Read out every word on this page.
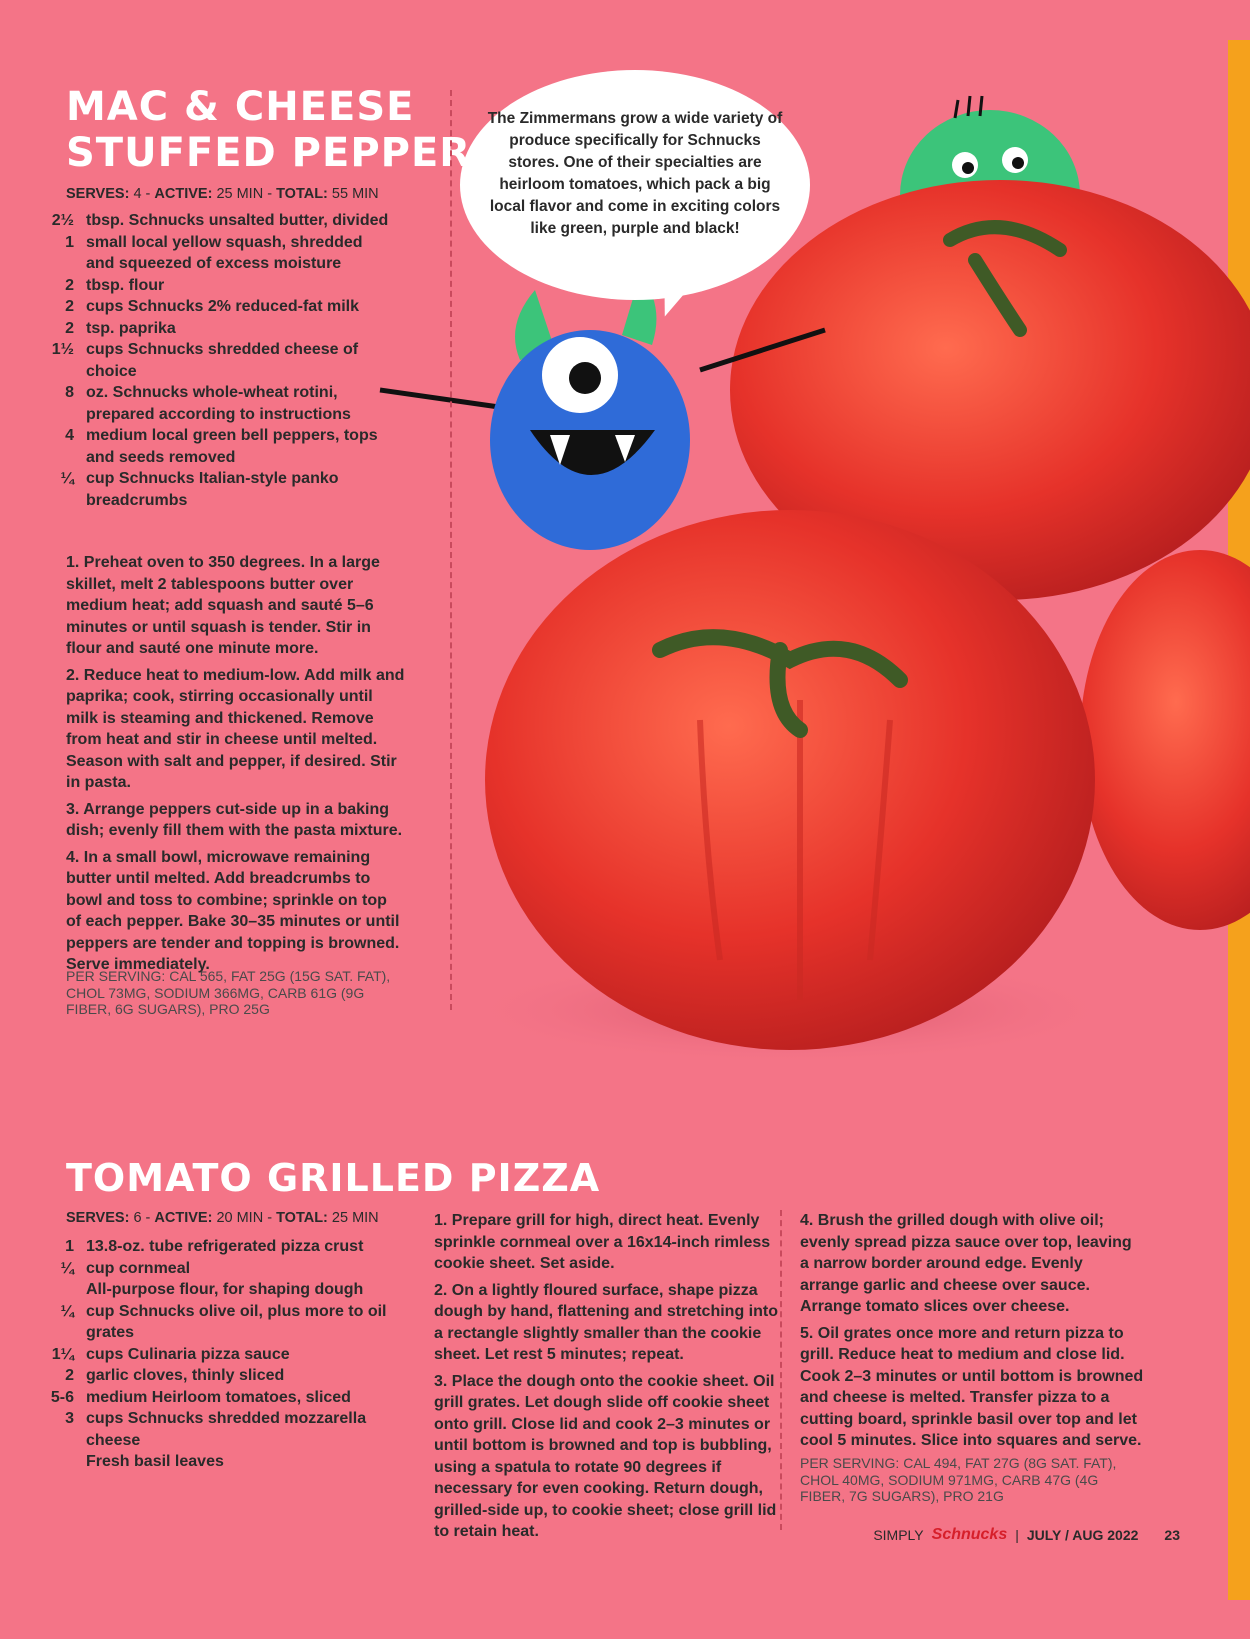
The Zimmermans grow a wide variety of produce specifically for Schnucks stores. One of their specialties are heirloom tomatoes, which pack a big local flavor and come in exciting colors like green, purple and black!
MAC & CHEESE
STUFFED PEPPERS
SERVES: 4 - ACTIVE: 25 MIN - TOTAL: 55 MIN
2½ tbsp. Schnucks unsalted butter, divided
1 small local yellow squash, shredded and squeezed of excess moisture
2 tbsp. flour
2 cups Schnucks 2% reduced-fat milk
2 tsp. paprika
1½ cups Schnucks shredded cheese of choice
8 oz. Schnucks whole-wheat rotini, prepared according to instructions
4 medium local green bell peppers, tops and seeds removed
¼ cup Schnucks Italian-style panko breadcrumbs

1. Preheat oven to 350 degrees. In a large skillet, melt 2 tablespoons butter over medium heat; add squash and sauté 5–6 minutes or until squash is tender. Stir in flour and sauté one minute more.

2. Reduce heat to medium-low. Add milk and paprika; cook, stirring occasionally until milk is steaming and thickened. Remove from heat and stir in cheese until melted. Season with salt and pepper, if desired. Stir in pasta.

3. Arrange peppers cut-side up in a baking dish; evenly fill them with the pasta mixture.

4. In a small bowl, microwave remaining butter until melted. Add breadcrumbs to bowl and toss to combine; sprinkle on top of each pepper. Bake 30–35 minutes or until peppers are tender and topping is browned. Serve immediately.

PER SERVING: CAL 565, FAT 25G (15G SAT. FAT), CHOL 73MG, SODIUM 366MG, CARB 61G (9G FIBER, 6G SUGARS), PRO 25G
TOMATO GRILLED PIZZA
SERVES: 6 - ACTIVE: 20 MIN - TOTAL: 25 MIN
1 13.8-oz. tube refrigerated pizza crust
¼ cup cornmeal
All-purpose flour, for shaping dough
¼ cup Schnucks olive oil, plus more to oil grates
1¼ cups Culinaria pizza sauce
2 garlic cloves, thinly sliced
5-6 medium Heirloom tomatoes, sliced
3 cups Schnucks shredded mozzarella cheese
Fresh basil leaves

1. Prepare grill for high, direct heat. Evenly sprinkle cornmeal over a 16x14-inch rimless cookie sheet. Set aside.

2. On a lightly floured surface, shape pizza dough by hand, flattening and stretching into a rectangle slightly smaller than the cookie sheet. Let rest 5 minutes; repeat.

3. Place the dough onto the cookie sheet. Oil grill grates. Let dough slide off cookie sheet onto grill. Close lid and cook 2–3 minutes or until bottom is browned and top is bubbling, using a spatula to rotate 90 degrees if necessary for even cooking. Return dough, grilled-side up, to cookie sheet; close grill lid to retain heat.

4. Brush the grilled dough with olive oil; evenly spread pizza sauce over top, leaving a narrow border around edge. Evenly arrange garlic and cheese over sauce. Arrange tomato slices over cheese.

5. Oil grates once more and return pizza to grill. Reduce heat to medium and close lid. Cook 2–3 minutes or until bottom is browned and cheese is melted. Transfer pizza to a cutting board, sprinkle basil over top and let cool 5 minutes. Slice into squares and serve.

PER SERVING: CAL 494, FAT 27G (8G SAT. FAT), CHOL 40MG, SODIUM 971MG, CARB 47G (4G FIBER, 7G SUGARS), PRO 21G
SIMPLY Schnucks | JULY / AUG 2022 23
